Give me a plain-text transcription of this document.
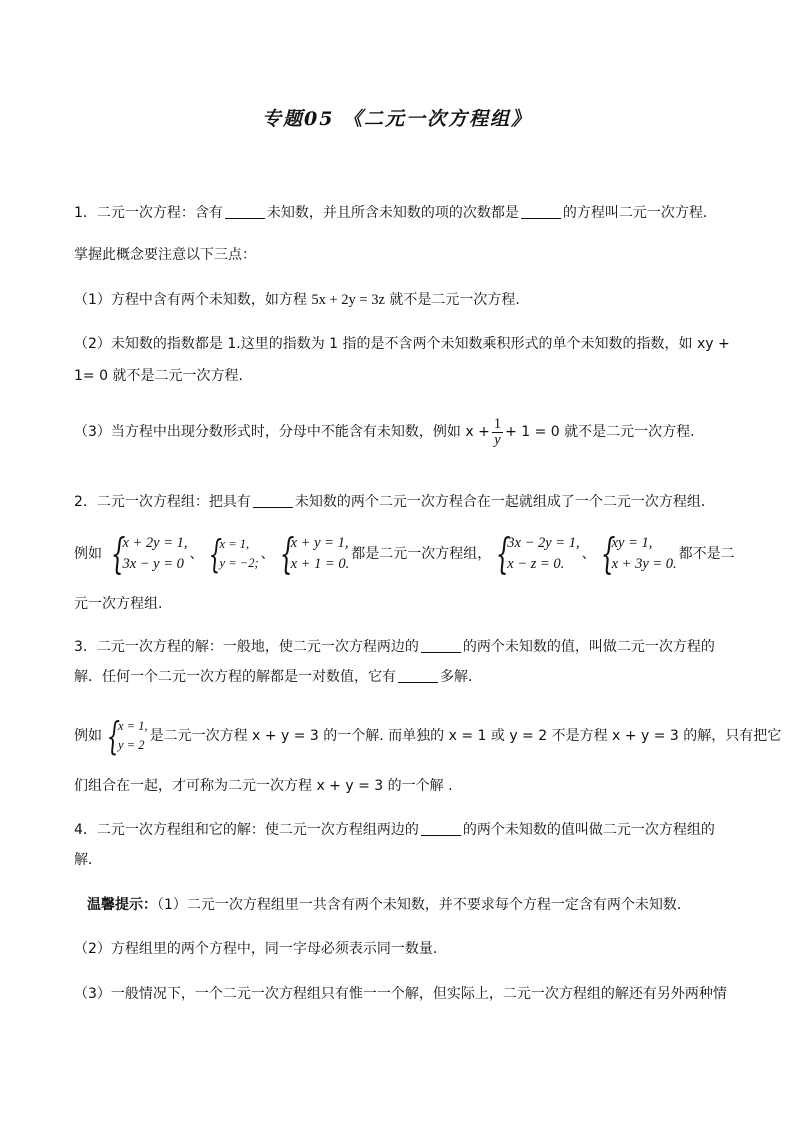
专题05 《二元一次方程组》
1．二元一次方程：含有	未知数，并且所含未知数的项的次数都是	的方程叫二元一次方程．
掌握此概念要注意以下三点：
（1）方程中含有两个未知数，如方程 5x + 2y = 3z 就不是二元一次方程.
（2）未知数的指数都是 1.这里的指数为 1 指的是不含两个未知数乘积形式的单个未知数的指数，如 xy +
1= 0 就不是二元一次方程.
（3）当方程中出现分数形式时，分母中不能含有未知数，例如 $x + \frac{1}{y} + 1 = 0$ 就不是二元一次方程.
2．二元一次方程组：把具有	未知数的两个二元一次方程合在一起就组成了一个二元一次方程组．
例如 {
x + 2y = 1,
3x − y = 0
、 {
x = 1,
y = −2;
、 {
x + y = 1,
x + 1 = 0.
都是二元一次方程组， {
3x − 2y = 1,
x − z = 0.
、 {
xy = 1,
x + 3y = 0.
都不是二
元一次方程组.
3．二元一次方程的解：一般地，使二元一次方程两边的	的两个未知数的值，叫做二元一次方程的
解．任何一个二元一次方程的解都是一对数值，它有	多解．
例如 {
x = 1,
y = 2
是二元一次方程 x + y = 3 的一个解. 而单独的 x = 1 或 y = 2 不是方程 x + y = 3 的解，只有把它
们组合在一起，才可称为二元一次方程 x + y = 3 的一个解 .
4．二元一次方程组和它的解：使二元一次方程组两边的	的两个未知数的值叫做二元一次方程组的
解．
温馨提示：（1）二元一次方程组里一共含有两个未知数，并不要求每个方程一定含有两个未知数.
（2）方程组里的两个方程中，同一字母必须表示同一数量.
（3）一般情况下，一个二元一次方程组只有惟一一个解，但实际上，二元一次方程组的解还有另外两种情
